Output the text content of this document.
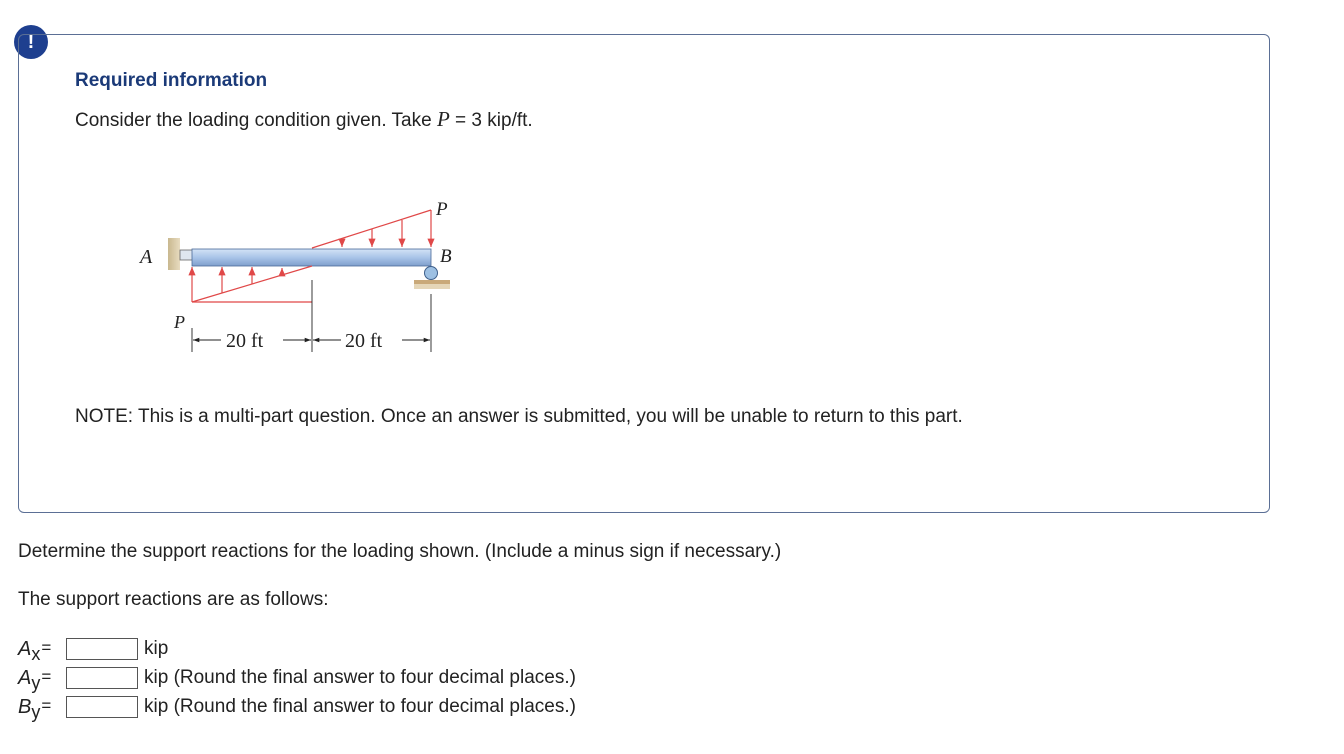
!
Required information
Consider the loading condition given. Take P = 3 kip/ft.
A	B
P
P
20 ft	20 ft
NOTE: This is a multi-part question. Once an answer is submitted, you will be unable to return to this part.
Determine the support reactions for the loading shown. (Include a minus sign if necessary.)
The support reactions are as follows:
Ax=	kip
Ay=	kip (Round the final answer to four decimal places.)
By=	kip (Round the final answer to four decimal places.)
